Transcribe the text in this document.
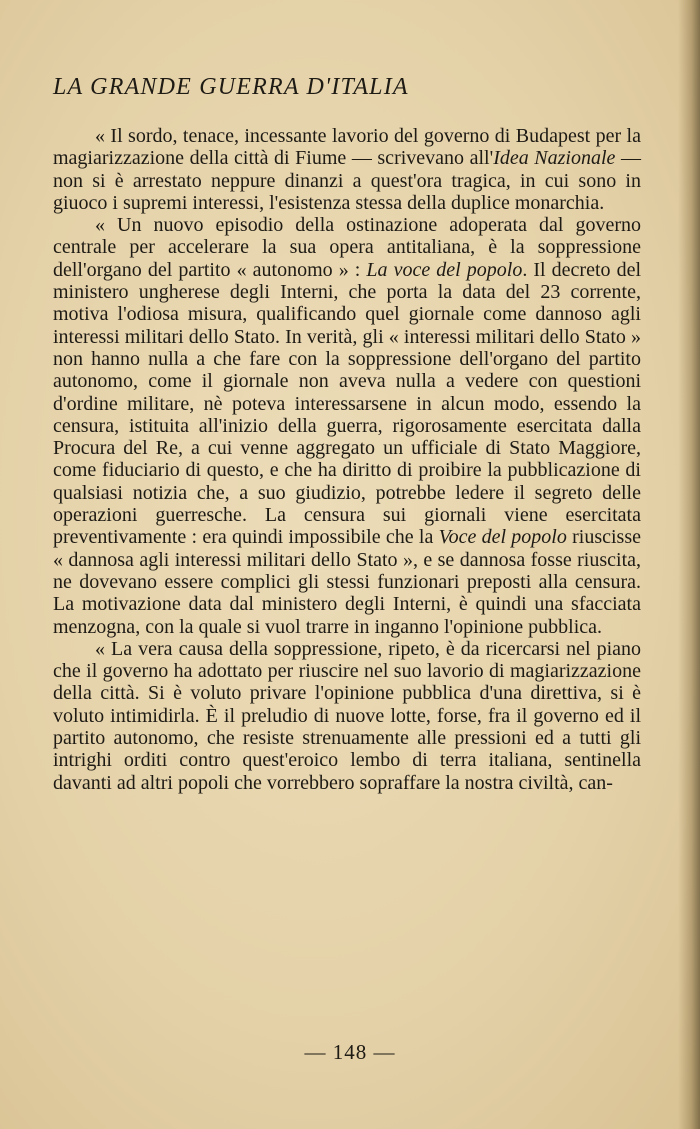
LA GRANDE GUERRA D'ITALIA

« Il sordo, tenace, incessante lavorio del governo di Budapest per la magiarizzazione della città di Fiume — scrivevano all'Idea Nazionale — non si è arrestato neppure dinanzi a quest'ora tragica, in cui sono in giuoco i supremi interessi, l'esistenza stessa della duplice monarchia.

« Un nuovo episodio della ostinazione adoperata dal governo centrale per accelerare la sua opera antitaliana, è la soppressione dell'organo del partito « autonomo » : La voce del popolo. Il decreto del ministero ungherese degli Interni, che porta la data del 23 corrente, motiva l'odiosa misura, qualificando quel giornale come dannoso agli interessi militari dello Stato. In verità, gli « interessi militari dello Stato » non hanno nulla a che fare con la soppressione dell'organo del partito autonomo, come il giornale non aveva nulla a vedere con questioni d'ordine militare, nè poteva interessarsene in alcun modo, essendo la censura, istituita all'inizio della guerra, rigorosamente esercitata dalla Procura del Re, a cui venne aggregato un ufficiale di Stato Maggiore, come fiduciario di questo, e che ha diritto di proibire la pubblicazione di qualsiasi notizia che, a suo giudizio, potrebbe ledere il segreto delle operazioni guerresche. La censura sui giornali viene esercitata preventivamente : era quindi impossibile che la Voce del popolo riuscisse « dannosa agli interessi militari dello Stato », e se dannosa fosse riuscita, ne dovevano essere complici gli stessi funzionari preposti alla censura. La motivazione data dal ministero degli Interni, è quindi una sfacciata menzogna, con la quale si vuol trarre in inganno l'opinione pubblica.

« La vera causa della soppressione, ripeto, è da ricercarsi nel piano che il governo ha adottato per riuscire nel suo lavorio di magiarizzazione della città. Si è voluto privare l'opinione pubblica d'una direttiva, si è voluto intimidirla. È il preludio di nuove lotte, forse, fra il governo ed il partito autonomo, che resiste strenuamente alle pressioni ed a tutti gli intrighi orditi contro quest'eroico lembo di terra italiana, sentinella davanti ad altri popoli che vorrebbero sopraffare la nostra civiltà, can-

— 148 —
